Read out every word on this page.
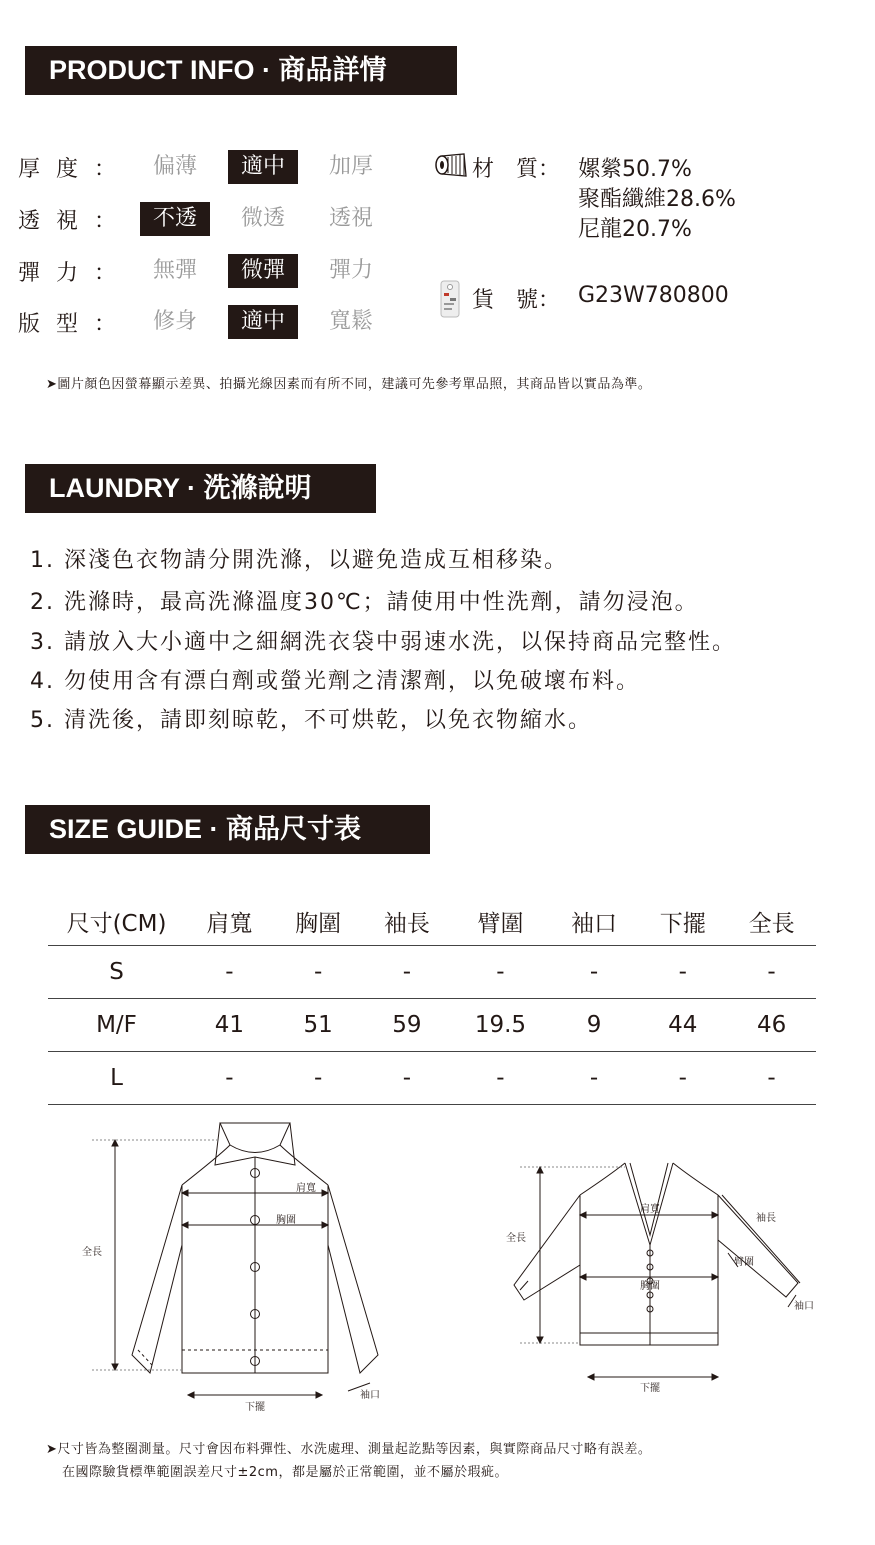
PRODUCT INFO · 商品詳情
厚度： 偏薄	適中	加厚
透視： 不透	微透	透視
彈力： 無彈	微彈	彈力
版型： 修身	適中	寬鬆
材　質： 嫘縈50.7%
聚酯纖維28.6%
尼龍20.7%
貨　號： G23W780800
➤圖片顏色因螢幕顯示差異、拍攝光線因素而有所不同，建議可先參考單品照，其商品皆以實品為準。
LAUNDRY · 洗滌說明
1. 深淺色衣物請分開洗滌，以避免造成互相移染。
2. 洗滌時，最高洗滌溫度30℃；請使用中性洗劑，請勿浸泡。
3. 請放入大小適中之細網洗衣袋中弱速水洗，以保持商品完整性。
4. 勿使用含有漂白劑或螢光劑之清潔劑，以免破壞布料。
5. 清洗後，請即刻晾乾，不可烘乾，以免衣物縮水。
SIZE GUIDE · 商品尺寸表
尺寸(CM)	肩寬	胸圍	袖長	臂圍	袖口	下擺	全長
S	-	-	-	-	-	-	-
M/F	41	51	59	19.5	9	44	46
L	-	-	-	-	-	-	-
肩寬
胸圍
全長
下擺
袖口
肩寬
胸圍
全長
下擺
袖長
臂圍
袖口
➤尺寸皆為整圈測量。尺寸會因布料彈性、水洗處理、測量起訖點等因素，與實際商品尺寸略有誤差。
在國際驗貨標準範圍誤差尺寸±2cm，都是屬於正常範圍，並不屬於瑕疵。
